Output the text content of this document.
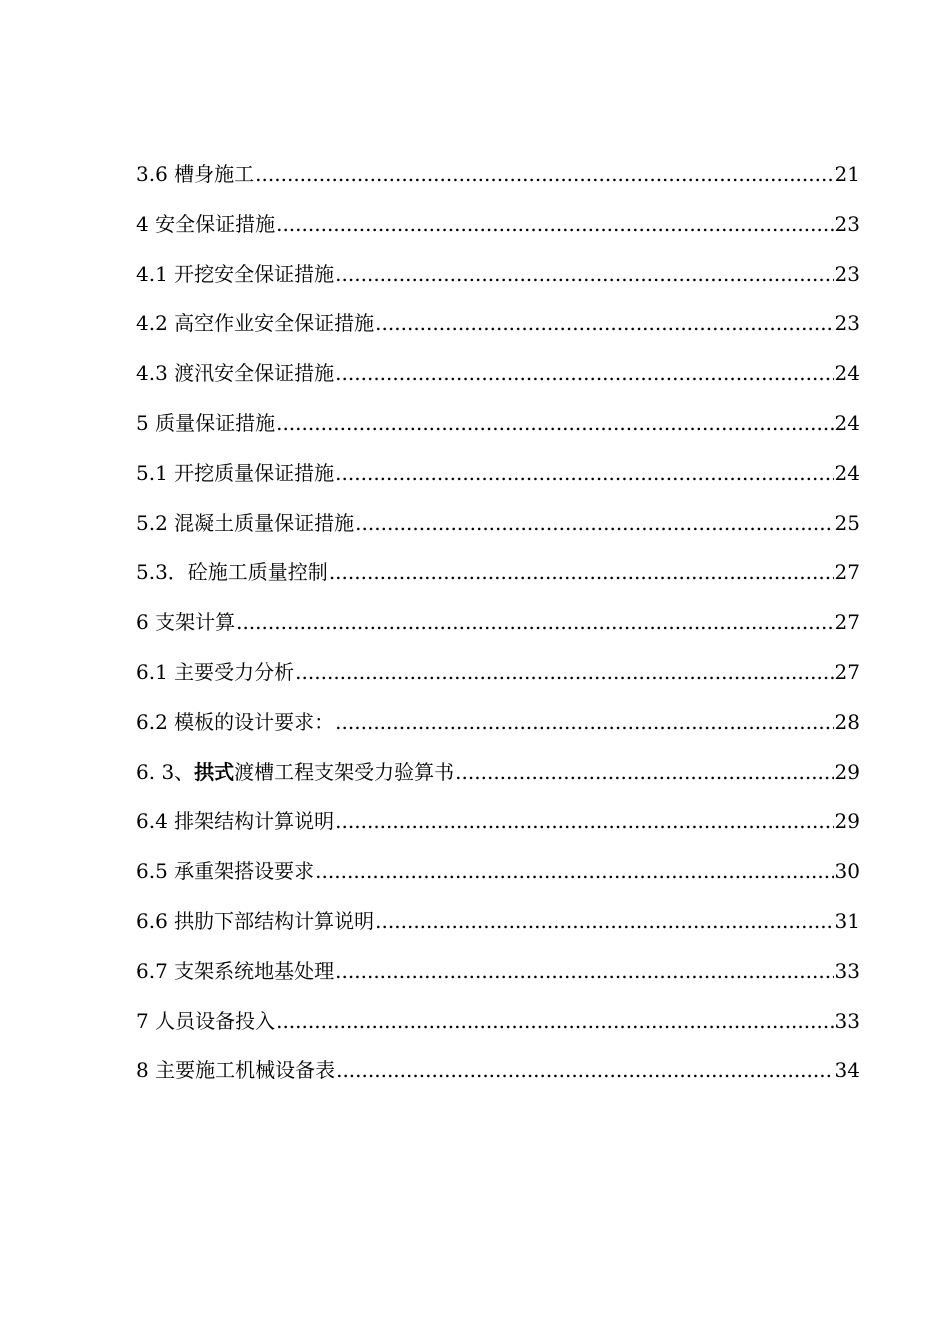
3.6 槽身施工 .....	21
4 安全保证措施 .....	23
4.1 开挖安全保证措施 .....	23
4.2 高空作业安全保证措施 .....	23
4.3 渡汛安全保证措施 .....	24
5 质量保证措施 .....	24
5.1 开挖质量保证措施 .....	24
5.2 混凝土质量保证措施 .....	25
5.3．砼施工质量控制 .....	27
6 支架计算 .....	27
6.1 主要受力分析 .....	27
6.2 模板的设计要求： .....	28
6. 3、拱式渡槽工程支架受力验算书 .....	29
6.4 排架结构计算说明 .....	29
6.5 承重架搭设要求 .....	30
6.6 拱肋下部结构计算说明 .....	31
6.7 支架系统地基处理 .....	33
7 人员设备投入 .....	33
8 主要施工机械设备表 .....	34
